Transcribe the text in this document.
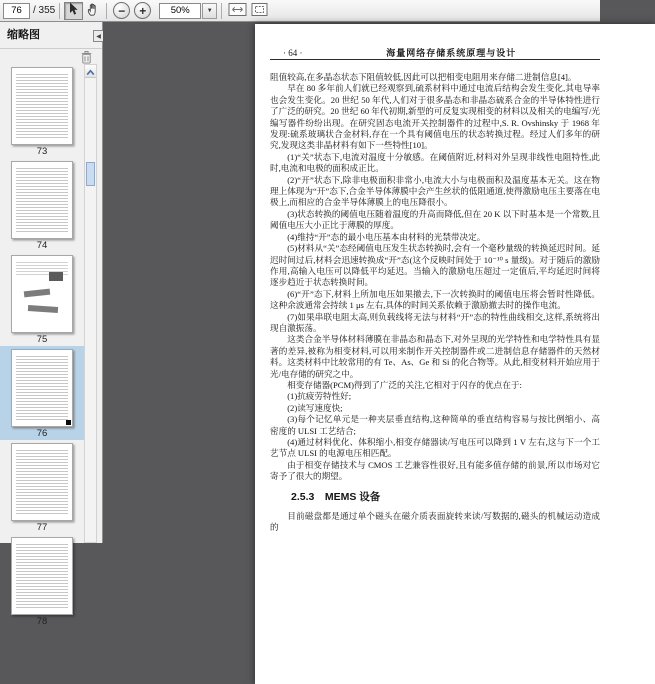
76
/ 355	−	+
50%	▼
缩略图	◀
73
74
75
76
77
78
· 64 ·	海量网络存储系统原理与设计

阻值较高,在多晶态状态下阻值较低,因此可以把相变电阻用来存储二进制信息[4]。

早在 80 多年前人们就已经观察到,硫系材料中通过电流后结构会发生变化,其电导率也会发生变化。20 世纪 50 年代,人们对于很多晶态和非晶态硫系合金的半导体特性进行了广泛的研究。20 世纪 60 年代初期,新型的可反复实现相变的材料以及相关的电编写/光编写器件纷纷出现。在研究固态电流开关控制器件的过程中,S. R. Ovshinsky 于 1968 年发现:硫系玻璃状合金材料,存在一个具有阈值电压的状态转换过程。经过人们多年的研究,发现这类非晶材料有如下一些特性[10]。

(1)“关”状态下,电流对温度十分敏感。在阈值附近,材料对外呈现非线性电阻特性,此时,电流和电极的面积成正比。

(2)“开”状态下,除非电极面积非常小,电流大小与电极面积及温度基本无关。这在物理上体现为“开”态下,合金半导体薄膜中会产生丝状的低阻通道,使得激励电压主要落在电极上,而相应的合金半导体薄膜上的电压降很小。

(3)状态转换的阈值电压随着温度的升高而降低,但在 20 K 以下时基本是一个常数,且阈值电压大小正比于薄膜的厚度。

(4)维持“开”态的最小电压基本由材料的光禁带决定。

(5)材料从“关”态经阈值电压发生状态转换时,会有一个毫秒量级的转换延迟时间。延迟时间过后,材料会迅速转换成“开”态(这个反映时间处于 10⁻¹⁰ s 量级)。对于随后的激励作用,高输入电压可以降低平均延迟。当输入的激励电压超过一定值后,平均延迟时间将逐步趋近于状态转换时间。

(6)“开”态下,材料上所加电压如果撤去,下一次转换时的阈值电压将会暂时性降低。这种余波通常会持续 1 μs 左右,具体的时间关系依赖于激励撤去时的操作电流。

(7)如果串联电阻太高,则负载线将无法与材料“开”态的特性曲线相交,这样,系统将出现自激振荡。

这类合金半导体材料薄膜在非晶态和晶态下,对外呈现的光学特性和电学特性具有显著的差异,被称为相变材料,可以用来制作开关控制器件或二进制信息存储器件的天然材料。这类材料中比较常用的有 Te、As、Ge 和 Si 的化合物等。从此,相变材料开始应用于光/电存储的研究之中。

相变存储器(PCM)得到了广泛的关注,它相对于闪存的优点在于:

(1)抗疲劳特性好;

(2)读写速度快;

(3)每个记忆单元是一种夹层垂直结构,这种简单的垂直结构容易与按比例缩小、高密度的 ULSI 工艺结合;

(4)通过材料优化、体积缩小,相变存储器读/写电压可以降到 1 V 左右,这与下一个工艺节点 ULSI 的电源电压相匹配。

由于相变存储技术与 CMOS 工艺兼容性很好,且有能多值存储的前景,所以市场对它寄予了很大的期望。

2.5.3　MEMS 设备

目前磁盘都是通过单个磁头在磁介质表面旋转来读/写数据的,磁头的机械运动造成的
